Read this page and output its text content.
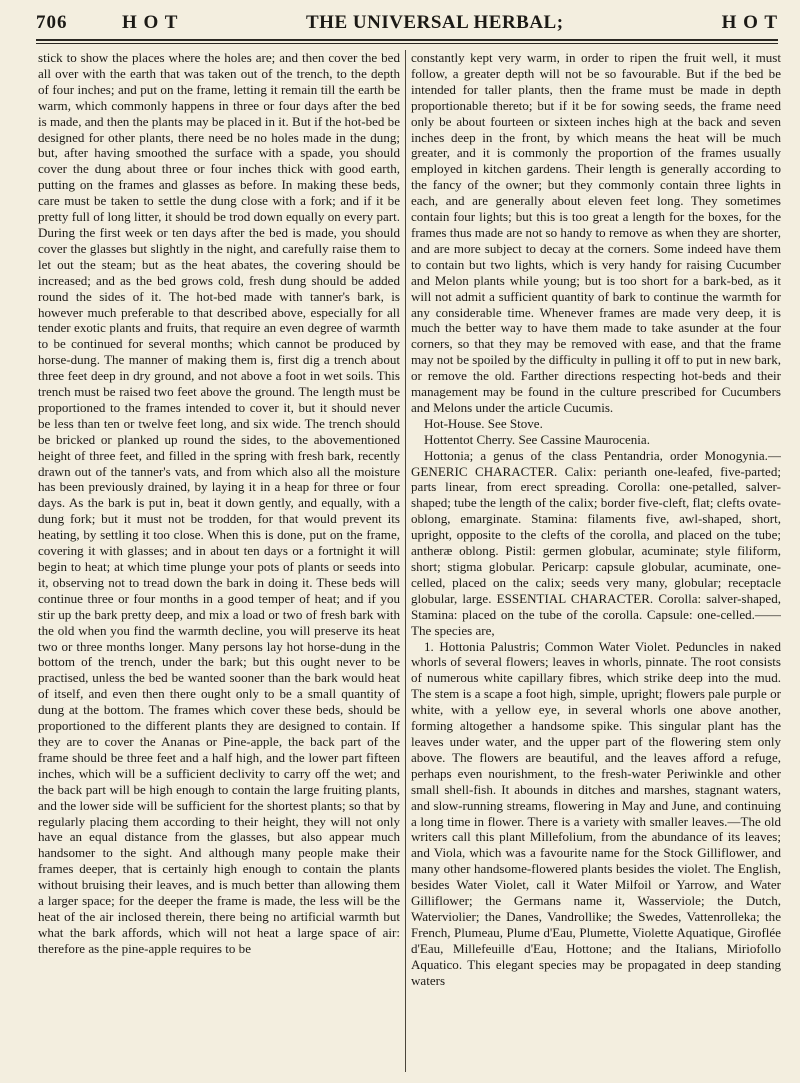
706	H O T	THE UNIVERSAL HERBAL;	H O T

stick to show the places where the holes are; and then cover the bed all over with the earth that was taken out of the trench, to the depth of four inches; and put on the frame, letting it remain till the earth be warm, which commonly happens in three or four days after the bed is made, and then the plants may be placed in it. But if the hot-bed be designed for other plants, there need be no holes made in the dung; but, after having smoothed the surface with a spade, you should cover the dung about three or four inches thick with good earth, putting on the frames and glasses as before. In making these beds, care must be taken to settle the dung close with a fork; and if it be pretty full of long litter, it should be trod down equally on every part. During the first week or ten days after the bed is made, you should cover the glasses but slightly in the night, and carefully raise them to let out the steam; but as the heat abates, the covering should be increased; and as the bed grows cold, fresh dung should be added round the sides of it. The hot-bed made with tanner's bark, is however much preferable to that described above, especially for all tender exotic plants and fruits, that require an even degree of warmth to be continued for several months; which cannot be produced by horse-dung. The manner of making them is, first dig a trench about three feet deep in dry ground, and not above a foot in wet soils. This trench must be raised two feet above the ground. The length must be proportioned to the frames intended to cover it, but it should never be less than ten or twelve feet long, and six wide. The trench should be bricked or planked up round the sides, to the abovementioned height of three feet, and filled in the spring with fresh bark, recently drawn out of the tanner's vats, and from which also all the moisture has been previously drained, by laying it in a heap for three or four days. As the bark is put in, beat it down gently, and equally, with a dung fork; but it must not be trodden, for that would prevent its heating, by settling it too close. When this is done, put on the frame, covering it with glasses; and in about ten days or a fortnight it will begin to heat; at which time plunge your pots of plants or seeds into it, observing not to tread down the bark in doing it. These beds will continue three or four months in a good temper of heat; and if you stir up the bark pretty deep, and mix a load or two of fresh bark with the old when you find the warmth decline, you will preserve its heat two or three months longer. Many persons lay hot horse-dung in the bottom of the trench, under the bark; but this ought never to be practised, unless the bed be wanted sooner than the bark would heat of itself, and even then there ought only to be a small quantity of dung at the bottom. The frames which cover these beds, should be proportioned to the different plants they are designed to contain. If they are to cover the Ananas or Pine-apple, the back part of the frame should be three feet and a half high, and the lower part fifteen inches, which will be a sufficient declivity to carry off the wet; and the back part will be high enough to contain the large fruiting plants, and the lower side will be sufficient for the shortest plants; so that by regularly placing them according to their height, they will not only have an equal distance from the glasses, but also appear much handsomer to the sight. And although many people make their frames deeper, that is certainly high enough to contain the plants without bruising their leaves, and is much better than allowing them a larger space; for the deeper the frame is made, the less will be the heat of the air inclosed therein, there being no artificial warmth but what the bark affords, which will not heat a large space of air: therefore as the pine-apple requires to be

constantly kept very warm, in order to ripen the fruit well, it must follow, a greater depth will not be so favourable. But if the bed be intended for taller plants, then the frame must be made in depth proportionable thereto; but if it be for sowing seeds, the frame need only be about fourteen or sixteen inches high at the back and seven inches deep in the front, by which means the heat will be much greater, and it is commonly the proportion of the frames usually employed in kitchen gardens. Their length is generally according to the fancy of the owner; but they commonly contain three lights in each, and are generally about eleven feet long. They sometimes contain four lights; but this is too great a length for the boxes, for the frames thus made are not so handy to remove as when they are shorter, and are more subject to decay at the corners. Some indeed have them to contain but two lights, which is very handy for raising Cucumber and Melon plants while young; but is too short for a bark-bed, as it will not admit a sufficient quantity of bark to continue the warmth for any considerable time. Whenever frames are made very deep, it is much the better way to have them made to take asunder at the four corners, so that they may be removed with ease, and that the frame may not be spoiled by the difficulty in pulling it off to put in new bark, or remove the old. Farther directions respecting hot-beds and their management may be found in the culture prescribed for Cucumbers and Melons under the article Cucumis.

Hot-House. See Stove.

Hottentot Cherry. See Cassine Maurocenia.

Hottonia; a genus of the class Pentandria, order Monogynia.—GENERIC CHARACTER. Calix: perianth one-leafed, five-parted; parts linear, from erect spreading. Corolla: one-petalled, salver-shaped; tube the length of the calix; border five-cleft, flat; clefts ovate-oblong, emarginate. Stamina: filaments five, awl-shaped, short, upright, opposite to the clefts of the corolla, and placed on the tube; antheræ oblong. Pistil: germen globular, acuminate; style filiform, short; stigma globular. Pericarp: capsule globular, acuminate, one-celled, placed on the calix; seeds very many, globular; receptacle globular, large. ESSENTIAL CHARACTER. Corolla: salver-shaped, Stamina: placed on the tube of the corolla. Capsule: one-celled.——The species are,

1. Hottonia Palustris; Common Water Violet. Peduncles in naked whorls of several flowers; leaves in whorls, pinnate. The root consists of numerous white capillary fibres, which strike deep into the mud. The stem is a scape a foot high, simple, upright; flowers pale purple or white, with a yellow eye, in several whorls one above another, forming altogether a handsome spike. This singular plant has the leaves under water, and the upper part of the flowering stem only above. The flowers are beautiful, and the leaves afford a refuge, perhaps even nourishment, to the fresh-water Periwinkle and other small shell-fish. It abounds in ditches and marshes, stagnant waters, and slow-running streams, flowering in May and June, and continuing a long time in flower. There is a variety with smaller leaves.—The old writers call this plant Millefolium, from the abundance of its leaves; and Viola, which was a favourite name for the Stock Gilliflower, and many other handsome-flowered plants besides the violet. The English, besides Water Violet, call it Water Milfoil or Yarrow, and Water Gilliflower; the Germans name it, Wasserviole; the Dutch, Waterviolier; the Danes, Vandrollike; the Swedes, Vattenrolleka; the French, Plumeau, Plume d'Eau, Plumette, Violette Aquatique, Giroflée d'Eau, Millefeuille d'Eau, Hottone; and the Italians, Miriofollo Aquatico. This elegant species may be propagated in deep standing waters
